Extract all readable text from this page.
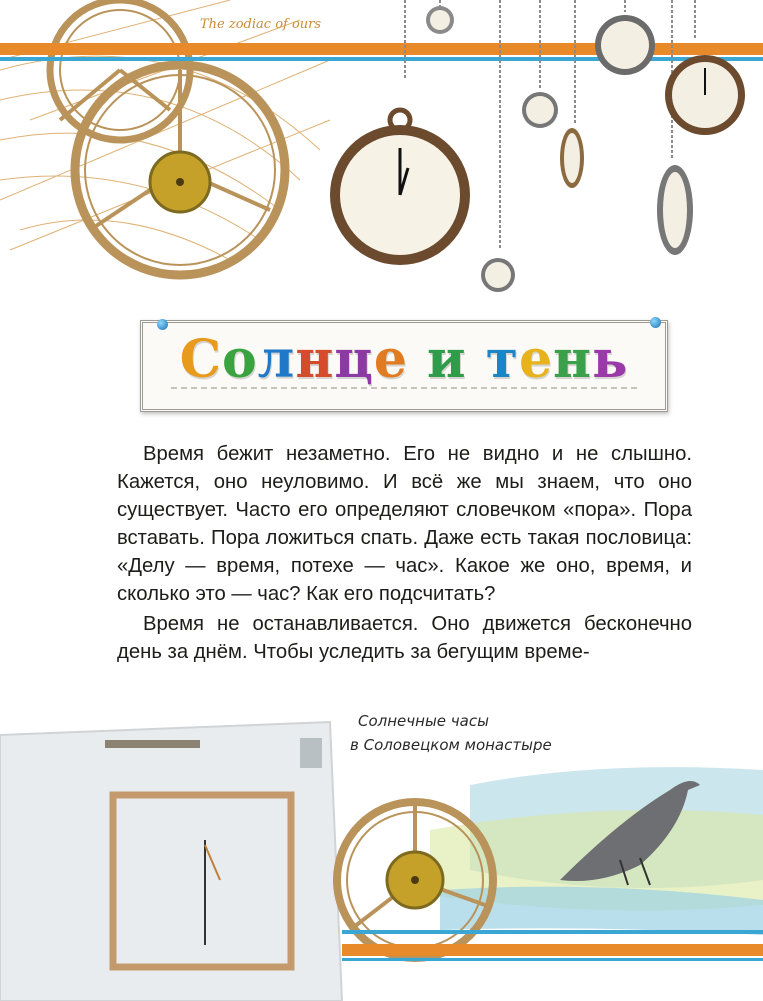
The zodiac of ours
Солнце и тень

Время бежит незаметно. Его не видно и не слышно. Кажется, оно неуловимо. И всё же мы знаем, что оно существует. Часто его определяют словечком «пора». Пора вставать. Пора ложиться спать. Даже есть такая пословица: «Делу — время, потехе — час». Какое же оно, время, и сколько это — час? Как его подсчитать?

Время не останавливается. Оно движется бесконечно день за днём. Чтобы уследить за бегущим време-

Солнечные часы
в Соловецком монастыре
